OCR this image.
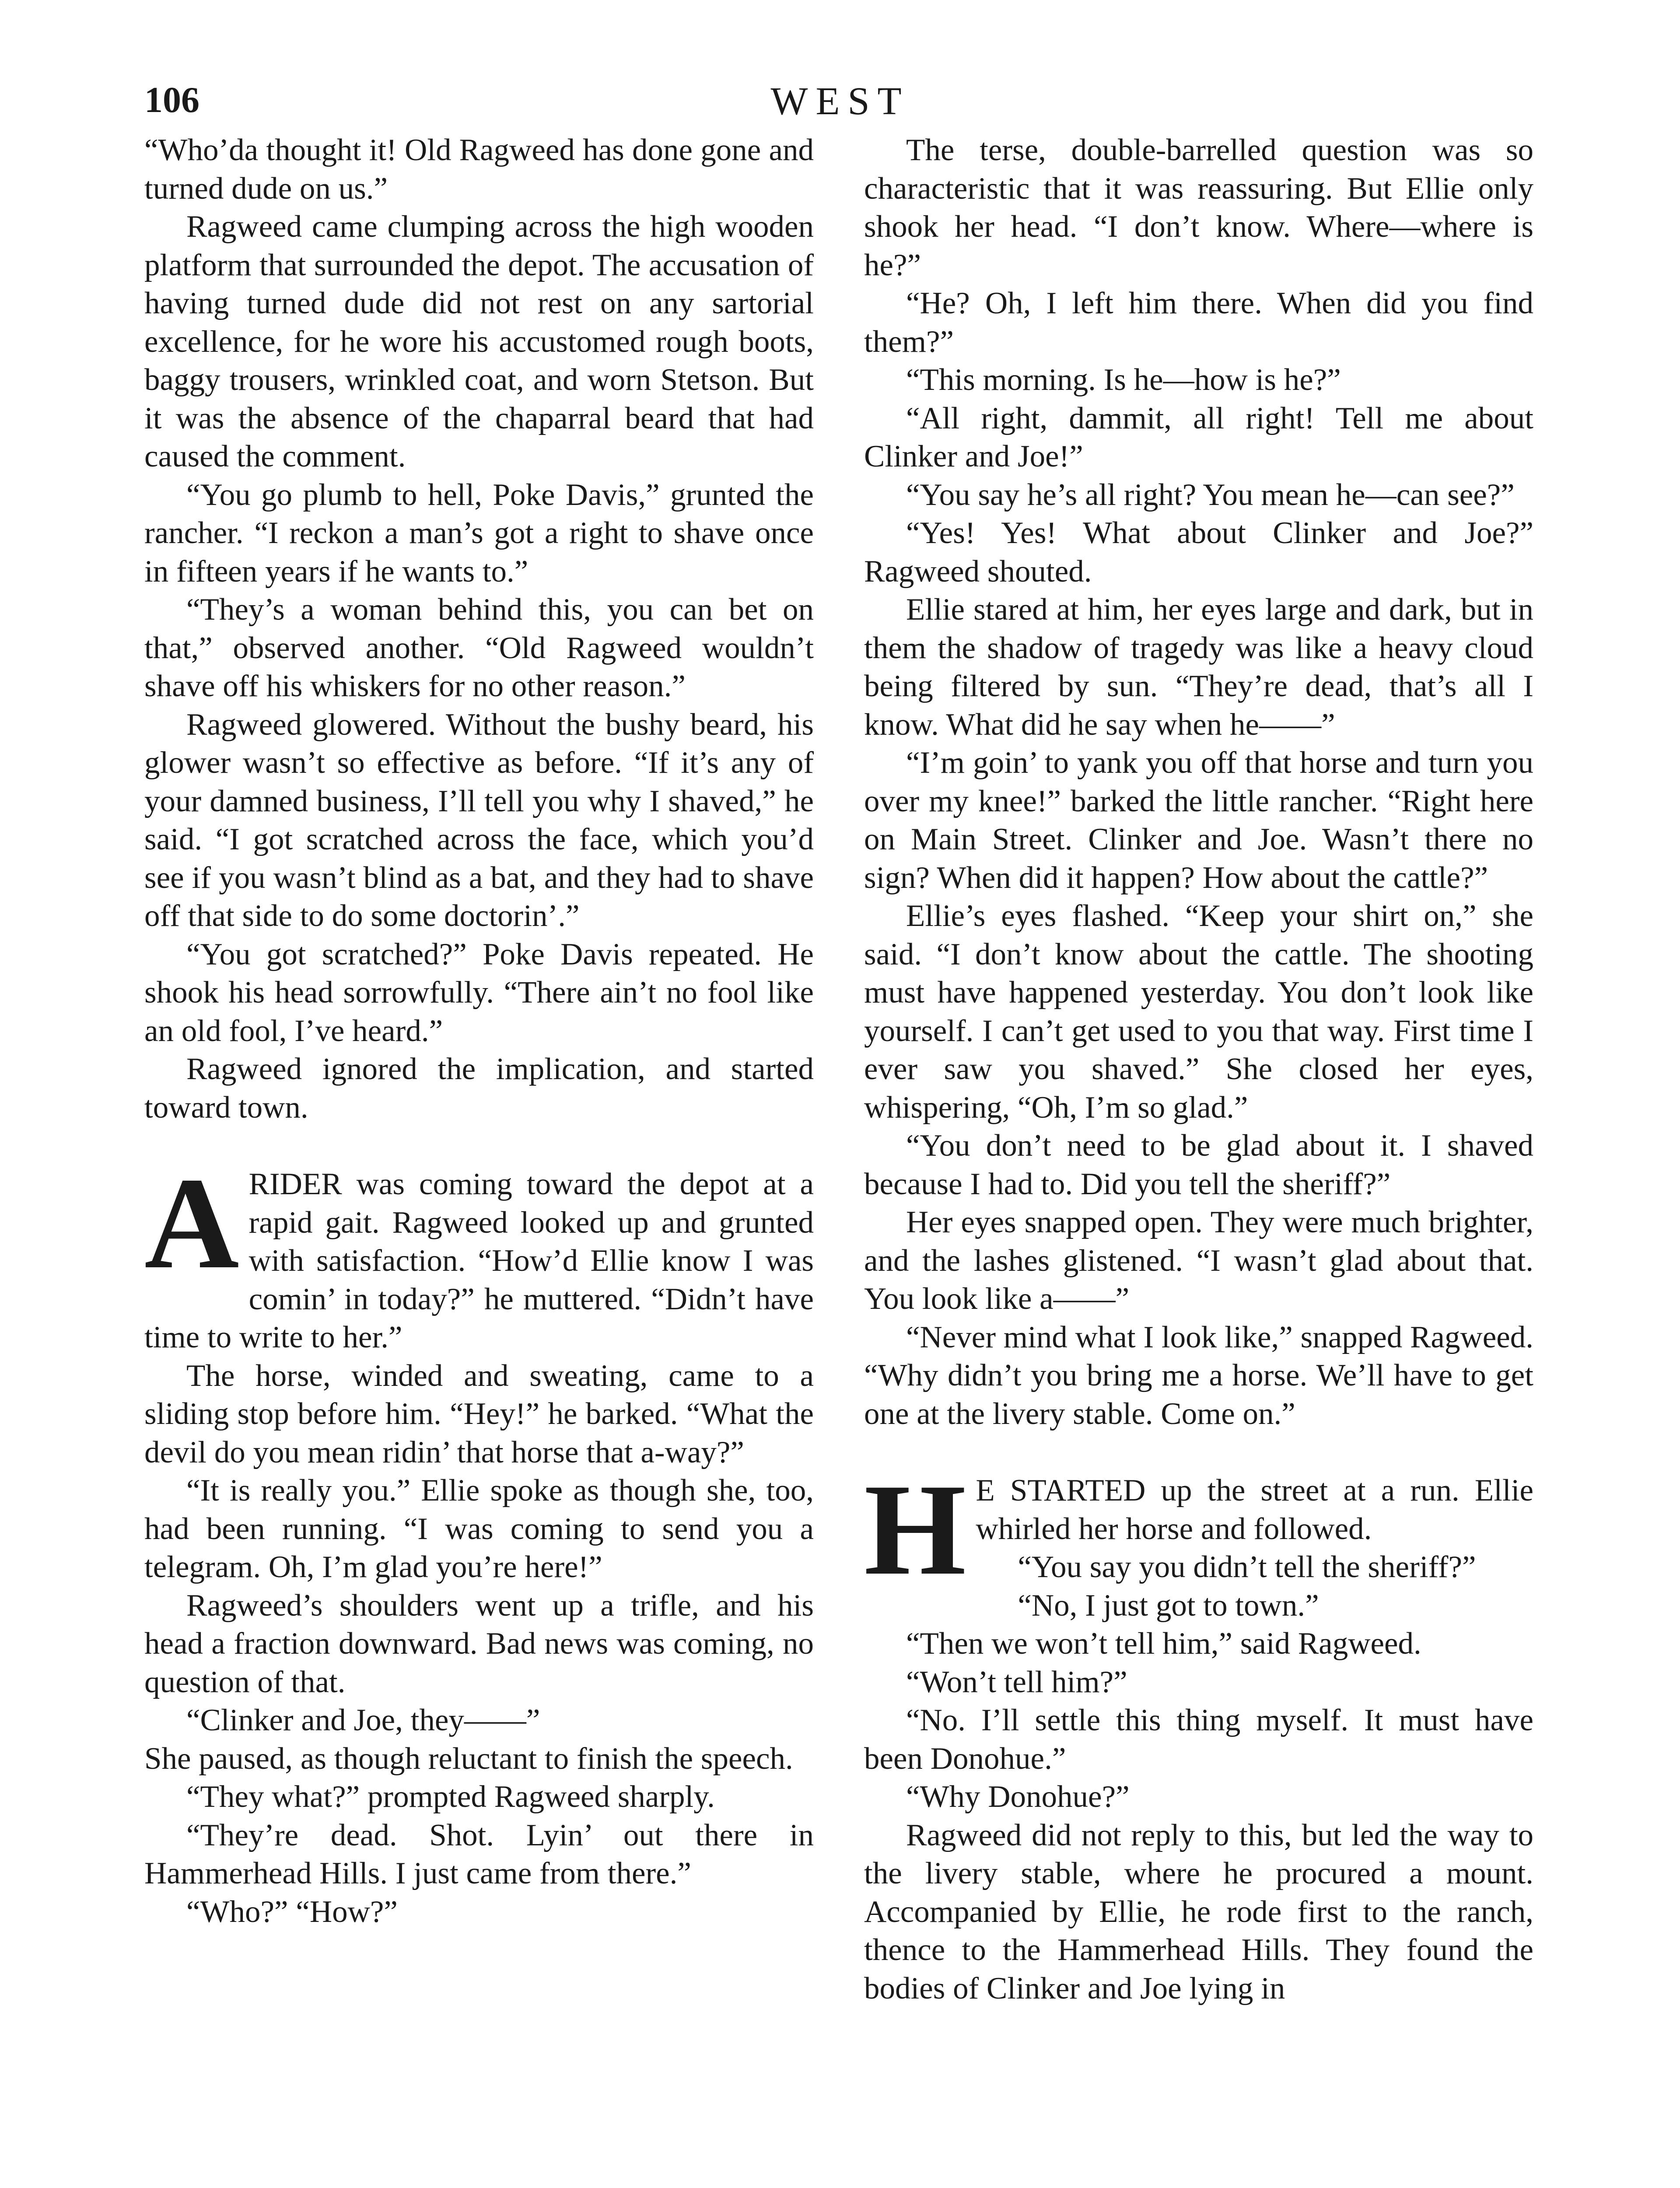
106	WEST

“Who’da thought it! Old Ragweed has done gone and turned dude on us.”

Ragweed came clumping across the high wooden platform that surrounded the depot. The accusation of having turned dude did not rest on any sartorial excellence, for he wore his accustomed rough boots, baggy trousers, wrinkled coat, and worn Stetson. But it was the absence of the chaparral beard that had caused the comment.

“You go plumb to hell, Poke Davis,” grunted the rancher. “I reckon a man’s got a right to shave once in fifteen years if he wants to.”

“They’s a woman behind this, you can bet on that,” observed another. “Old Ragweed wouldn’t shave off his whiskers for no other reason.”

Ragweed glowered. Without the bushy beard, his glower wasn’t so effective as before. “If it’s any of your damned business, I’ll tell you why I shaved,” he said. “I got scratched across the face, which you’d see if you wasn’t blind as a bat, and they had to shave off that side to do some doctorin’.”

“You got scratched?” Poke Davis repeated. He shook his head sorrowfully. “There ain’t no fool like an old fool, I’ve heard.”

Ragweed ignored the implication, and started toward town.

ARIDER was coming toward the depot at a rapid gait. Ragweed looked up and grunted with satisfaction. “How’d Ellie know I was comin’ in today?” he muttered. “Didn’t have time to write to her.”

The horse, winded and sweating, came to a sliding stop before him. “Hey!” he barked. “What the devil do you mean ridin’ that horse that a-way?”

“It is really you.” Ellie spoke as though she, too, had been running. “I was coming to send you a telegram. Oh, I’m glad you’re here!”

Ragweed’s shoulders went up a trifle, and his head a fraction downward. Bad news was coming, no question of that.

“Clinker and Joe, they——”

She paused, as though reluctant to finish the speech.

“They what?” prompted Ragweed sharply.

“They’re dead. Shot. Lyin’ out there in Hammerhead Hills. I just came from there.”

“Who?” “How?”

The terse, double-barrelled question was so characteristic that it was reassuring. But Ellie only shook her head. “I don’t know. Where—where is he?”

“He? Oh, I left him there. When did you find them?”

“This morning. Is he—how is he?”

“All right, dammit, all right! Tell me about Clinker and Joe!”

“You say he’s all right? You mean he—can see?”

“Yes! Yes! What about Clinker and Joe?” Ragweed shouted.

Ellie stared at him, her eyes large and dark, but in them the shadow of tragedy was like a heavy cloud being filtered by sun. “They’re dead, that’s all I know. What did he say when he——”

“I’m goin’ to yank you off that horse and turn you over my knee!” barked the little rancher. “Right here on Main Street. Clinker and Joe. Wasn’t there no sign? When did it happen? How about the cattle?”

Ellie’s eyes flashed. “Keep your shirt on,” she said. “I don’t know about the cattle. The shooting must have happened yesterday. You don’t look like yourself. I can’t get used to you that way. First time I ever saw you shaved.” She closed her eyes, whispering, “Oh, I’m so glad.”

“You don’t need to be glad about it. I shaved because I had to. Did you tell the sheriff?”

Her eyes snapped open. They were much brighter, and the lashes glistened. “I wasn’t glad about that. You look like a——”

“Never mind what I look like,” snapped Ragweed. “Why didn’t you bring me a horse. We’ll have to get one at the livery stable. Come on.”

H E STARTED up the street at a run. Ellie whirled her horse and followed.

“You say you didn’t tell the sheriff?”

“No, I just got to town.”

“Then we won’t tell him,” said Ragweed.

“Won’t tell him?”

“No. I’ll settle this thing myself. It must have been Donohue.”

“Why Donohue?”

Ragweed did not reply to this, but led the way to the livery stable, where he procured a mount. Accompanied by Ellie, he rode first to the ranch, thence to the Hammerhead Hills. They found the bodies of Clinker and Joe lying in
